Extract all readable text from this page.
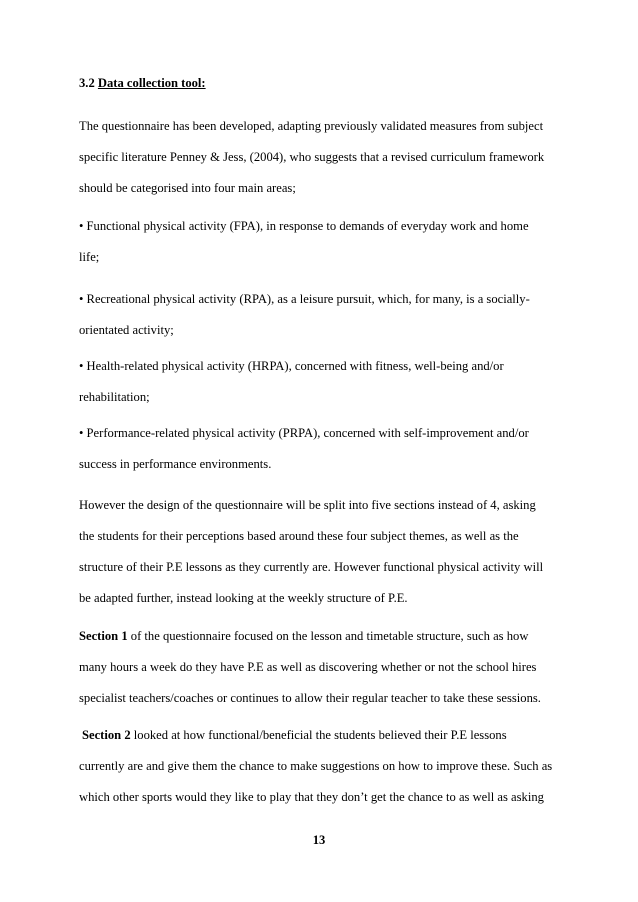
3.2 Data collection tool:
The questionnaire has been developed, adapting previously validated measures from subject
specific literature Penney & Jess, (2004), who suggests that a revised curriculum framework
should be categorised into four main areas;
• Functional physical activity (FPA), in response to demands of everyday work and home
life;
• Recreational physical activity (RPA), as a leisure pursuit, which, for many, is a socially-
orientated activity;
• Health-related physical activity (HRPA), concerned with fitness, well-being and/or
rehabilitation;
• Performance-related physical activity (PRPA), concerned with self-improvement and/or
success in performance environments.
However the design of the questionnaire will be split into five sections instead of 4, asking
the students for their perceptions based around these four subject themes, as well as the
structure of their P.E lessons as they currently are. However functional physical activity will
be adapted further, instead looking at the weekly structure of P.E.
Section 1 of the questionnaire focused on the lesson and timetable structure, such as how
many hours a week do they have P.E as well as discovering whether or not the school hires
specialist teachers/coaches or continues to allow their regular teacher to take these sessions.
Section 2 looked at how functional/beneficial the students believed their P.E lessons
currently are and give them the chance to make suggestions on how to improve these. Such as
which other sports would they like to play that they don’t get the chance to as well as asking
13
